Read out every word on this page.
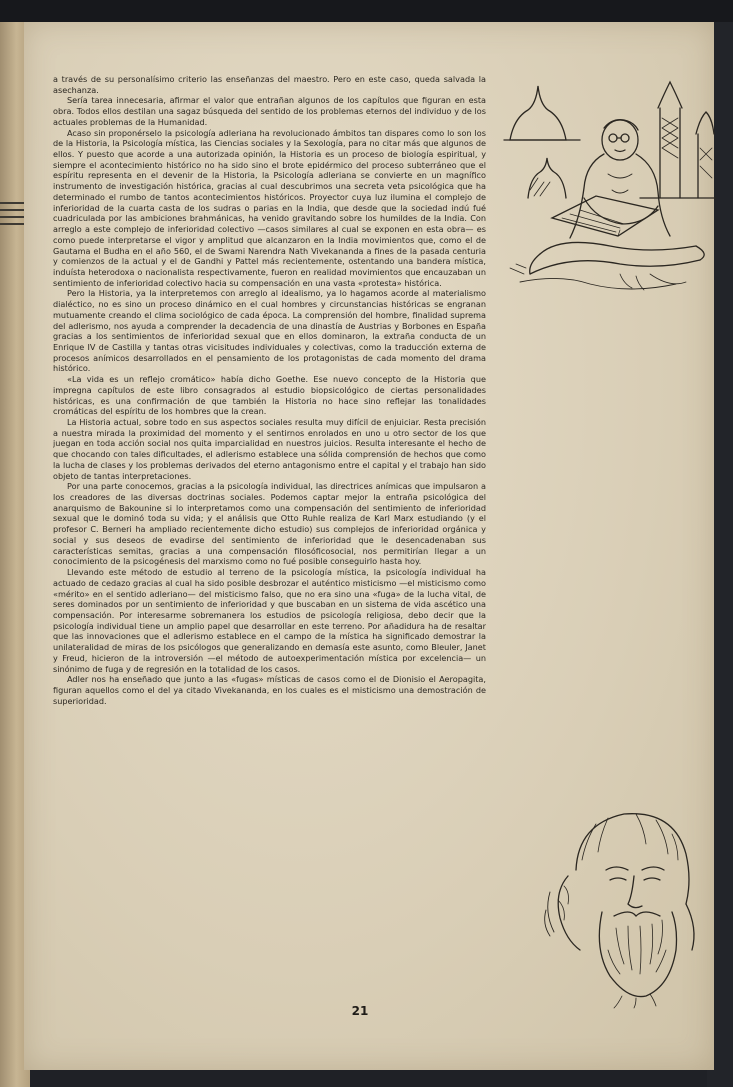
a través de su personalísimo criterio las enseñanzas del maestro. Pero en este caso, queda salvada la asechanza.

Sería tarea innecesaria, afirmar el valor que entrañan algunos de los capítulos que figuran en esta obra. Todos ellos destilan una sagaz búsqueda del sentido de los problemas eternos del individuo y de los actuales problemas de la Humanidad.

Acaso sin proponérselo la psicología adleriana ha revolucionado ámbitos tan dispares como lo son los de la Historia, la Psicología mística, las Ciencias sociales y la Sexología, para no citar más que algunos de ellos. Y puesto que acorde a una autorizada opinión, la Historia es un proceso de biología espiritual, y siempre el acontecimiento histórico no ha sido sino el brote epidérmico del proceso subterráneo que el espíritu representa en el devenir de la Historia, la Psicología adleriana se convierte en un magnífico instrumento de investigación histórica, gracias al cual descubrimos una secreta veta psicológica que ha determinado el rumbo de tantos acontecimientos históricos. Proyector cuya luz ilumina el complejo de inferioridad de la cuarta casta de los sudras o parias en la India, que desde que la sociedad indú fué cuadriculada por las ambiciones brahmánicas, ha venido gravitando sobre los humildes de la India. Con arreglo a este complejo de inferioridad colectivo —casos similares al cual se exponen en esta obra— es como puede interpretarse el vigor y amplitud que alcanzaron en la India movimientos que, como el de Gautama el Budha en el año 560, el de Swami Narendra Nath Vivekananda a fines de la pasada centuria y comienzos de la actual y el de Gandhi y Pattel más recientemente, ostentando una bandera mística, induísta heterodoxa o nacionalista respectivamente, fueron en realidad movimientos que encauzaban un sentimiento de inferioridad colectivo hacia su compensación en una vasta «protesta» histórica.

Pero la Historia, ya la interpretemos con arreglo al idealismo, ya lo hagamos acorde al materialismo dialéctico, no es sino un proceso dinámico en el cual hombres y circunstancias históricas se engranan mutuamente creando el clima sociológico de cada época. La comprensión del hombre, finalidad suprema del adlerismo, nos ayuda a comprender la decadencia de una dinastía de Austrias y Borbones en España gracias a los sentimientos de inferioridad sexual que en ellos dominaron, la extraña conducta de un Enrique IV de Castilla y tantas otras vicisitudes individuales y colectivas, como la traducción externa de procesos anímicos desarrollados en el pensamiento de los protagonistas de cada momento del drama histórico.

«La vida es un reflejo cromático» había dicho Goethe. Ese nuevo concepto de la Historia que impregna capítulos de este libro consagrados al estudio biopsicológico de ciertas personalidades históricas, es una confirmación de que también la Historia no hace sino reflejar las tonalidades cromáticas del espíritu de los hombres que la crean.

La Historia actual, sobre todo en sus aspectos sociales resulta muy difícil de enjuiciar. Resta precisión a nuestra mirada la proximidad del momento y el sentirnos enrolados en uno u otro sector de los que juegan en toda acción social nos quita imparcialidad en nuestros juicios. Resulta interesante el hecho de que chocando con tales dificultades, el adlerismo establece una sólida comprensión de hechos que como la lucha de clases y los problemas derivados del eterno antagonismo entre el capital y el trabajo han sido objeto de tantas interpretaciones.

Por una parte conocemos, gracias a la psicología individual, las directrices anímicas que impulsaron a los creadores de las diversas doctrinas sociales. Podemos captar mejor la entraña psicológica del anarquismo de Bakounine si lo interpretamos como una compensación del sentimiento de inferioridad sexual que le dominó toda su vida; y el análisis que Otto Ruhle realiza de Karl Marx estudiando (y el profesor C. Berneri ha ampliado recientemente dicho estudio) sus complejos de inferioridad orgánica y social y sus deseos de evadirse del sentimiento de inferioridad que le desencadenaban sus características semitas, gracias a una compensación filosóficosocial, nos permitirían llegar a un conocimiento de la psicogénesis del marxismo como no fué posible conseguirlo hasta hoy.

Llevando este método de estudio al terreno de la psicología mística, la psicología individual ha actuado de cedazo gracias al cual ha sido posible desbrozar el auténtico misticismo —el misticismo como «mérito» en el sentido adleriano— del misticismo falso, que no era sino una «fuga» de la lucha vital, de seres dominados por un sentimiento de inferioridad y que buscaban en un sistema de vida ascético una compensación. Por interesarme sobremanera los estudios de psicología religiosa, debo decir que la psicología individual tiene un amplio papel que desarrollar en este terreno. Por añadidura ha de resaltar que las innovaciones que el adlerismo establece en el campo de la mística ha significado demostrar la unilateralidad de miras de los psicólogos que generalizando en demasía este asunto, como Bleuler, Janet y Freud, hicieron de la introversión —el método de autoexperimentación mística por excelencia— un sinónimo de fuga y de regresión en la totalidad de los casos.

Adler nos ha enseñado que junto a las «fugas» místicas de casos como el de Dionisio el Aeropagita, figuran aquellos como el del ya citado Vivekananda, en los cuales es el misticismo una demostración de superioridad.

21
